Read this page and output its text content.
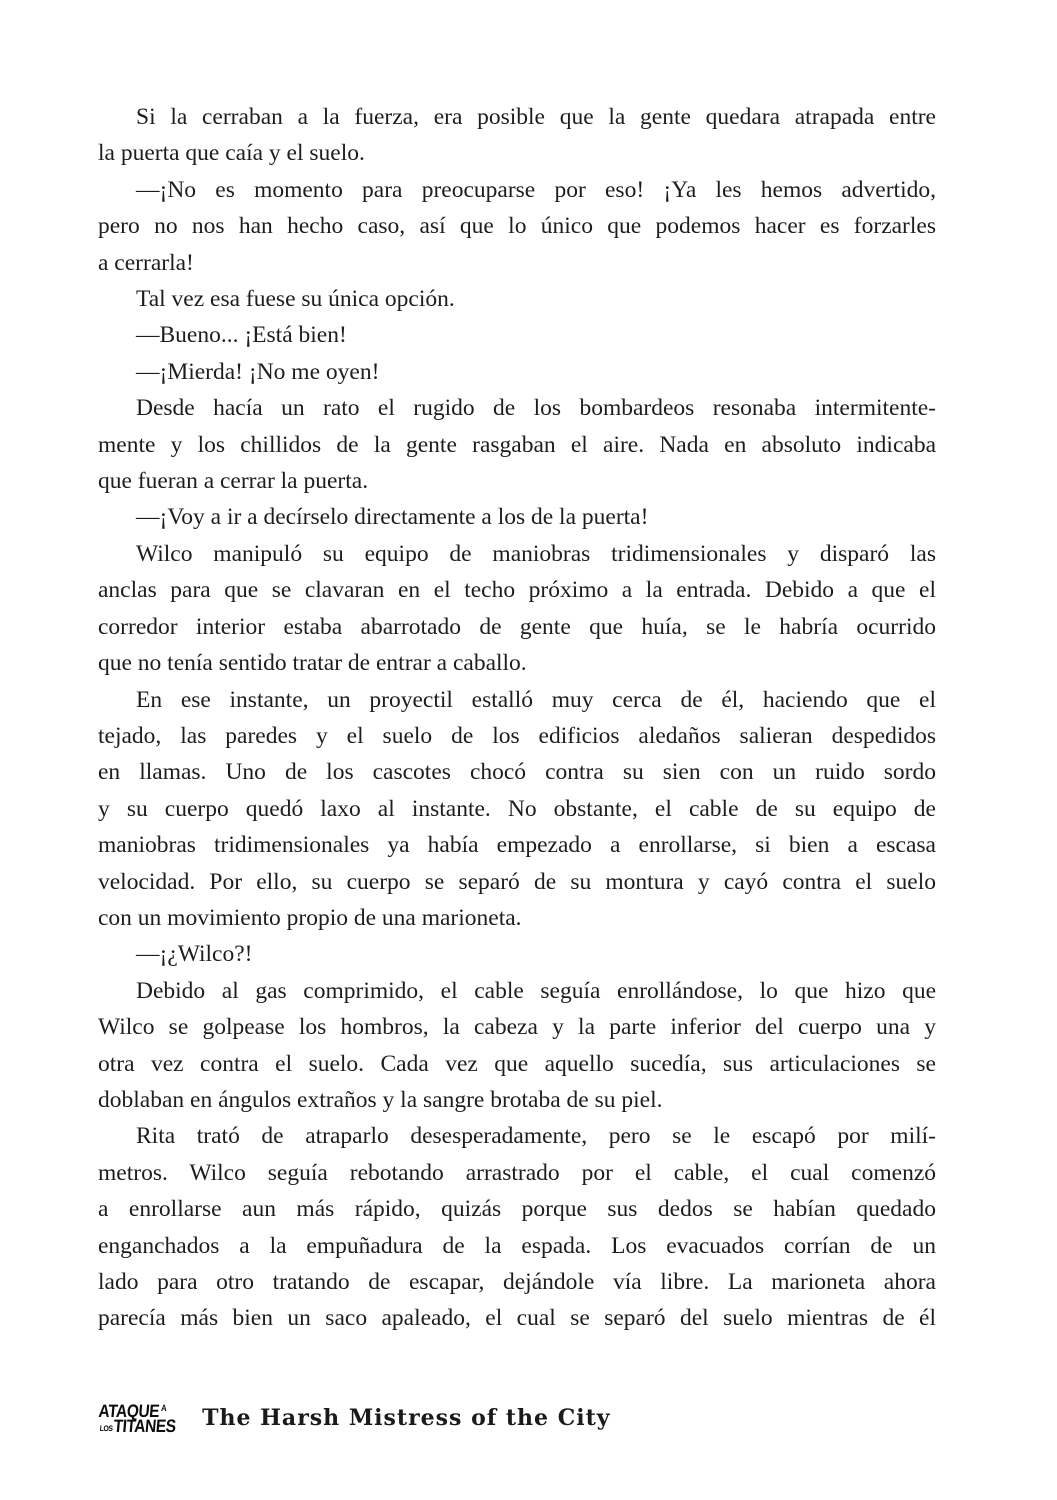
Si la cerraban a la fuerza, era posible que la gente quedara atrapada entre
la puerta que caía y el suelo.
—¡No es momento para preocuparse por eso! ¡Ya les hemos advertido,
pero no nos han hecho caso, así que lo único que podemos hacer es forzarles
a cerrarla!
Tal vez esa fuese su única opción.
—Bueno... ¡Está bien!
—¡Mierda! ¡No me oyen!
Desde hacía un rato el rugido de los bombardeos resonaba intermitente-
mente y los chillidos de la gente rasgaban el aire. Nada en absoluto indicaba
que fueran a cerrar la puerta.
—¡Voy a ir a decírselo directamente a los de la puerta!
Wilco manipuló su equipo de maniobras tridimensionales y disparó las
anclas para que se clavaran en el techo próximo a la entrada. Debido a que el
corredor interior estaba abarrotado de gente que huía, se le habría ocurrido
que no tenía sentido tratar de entrar a caballo.
En ese instante, un proyectil estalló muy cerca de él, haciendo que el
tejado, las paredes y el suelo de los edificios aledaños salieran despedidos
en llamas. Uno de los cascotes chocó contra su sien con un ruido sordo
y su cuerpo quedó laxo al instante. No obstante, el cable de su equipo de
maniobras tridimensionales ya había empezado a enrollarse, si bien a escasa
velocidad. Por ello, su cuerpo se separó de su montura y cayó contra el suelo
con un movimiento propio de una marioneta.
—¡¿Wilco?!
Debido al gas comprimido, el cable seguía enrollándose, lo que hizo que
Wilco se golpease los hombros, la cabeza y la parte inferior del cuerpo una y
otra vez contra el suelo. Cada vez que aquello sucedía, sus articulaciones se
doblaban en ángulos extraños y la sangre brotaba de su piel.
Rita trató de atraparlo desesperadamente, pero se le escapó por milí-
metros. Wilco seguía rebotando arrastrado por el cable, el cual comenzó
a enrollarse aun más rápido, quizás porque sus dedos se habían quedado
enganchados a la empuñadura de la espada. Los evacuados corrían de un
lado para otro tratando de escapar, dejándole vía libre. La marioneta ahora
parecía más bien un saco apaleado, el cual se separó del suelo mientras de él
ATAQUE A
LOS TITANES The Harsh Mistress of the City
